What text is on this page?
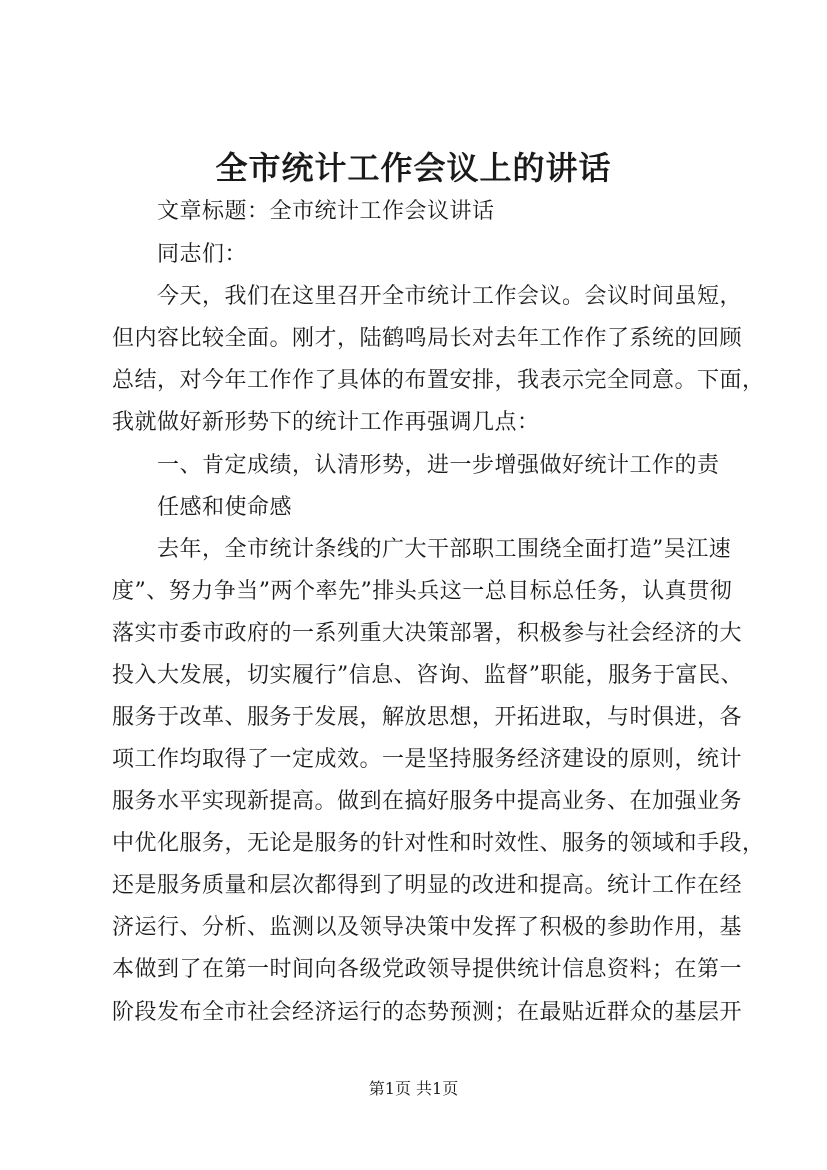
全市统计工作会议上的讲话
文章标题：全市统计工作会议讲话
同志们：
今天，我们在这里召开全市统计工作会议。会议时间虽短，
但内容比较全面。刚才，陆鹤鸣局长对去年工作作了系统的回顾
总结，对今年工作作了具体的布置安排，我表示完全同意。下面，
我就做好新形势下的统计工作再强调几点：
一、肯定成绩，认清形势，进一步增强做好统计工作的责
任感和使命感
去年，全市统计条线的广大干部职工围绕全面打造”吴江速
度”、努力争当”两个率先”排头兵这一总目标总任务，认真贯彻
落实市委市政府的一系列重大决策部署，积极参与社会经济的大
投入大发展，切实履行”信息、咨询、监督”职能，服务于富民、
服务于改革、服务于发展，解放思想，开拓进取，与时俱进，各
项工作均取得了一定成效。一是坚持服务经济建设的原则，统计
服务水平实现新提高。做到在搞好服务中提高业务、在加强业务
中优化服务，无论是服务的针对性和时效性、服务的领域和手段，
还是服务质量和层次都得到了明显的改进和提高。统计工作在经
济运行、分析、监测以及领导决策中发挥了积极的参助作用，基
本做到了在第一时间向各级党政领导提供统计信息资料；在第一
阶段发布全市社会经济运行的态势预测；在最贴近群众的基层开
第1页 共1页
